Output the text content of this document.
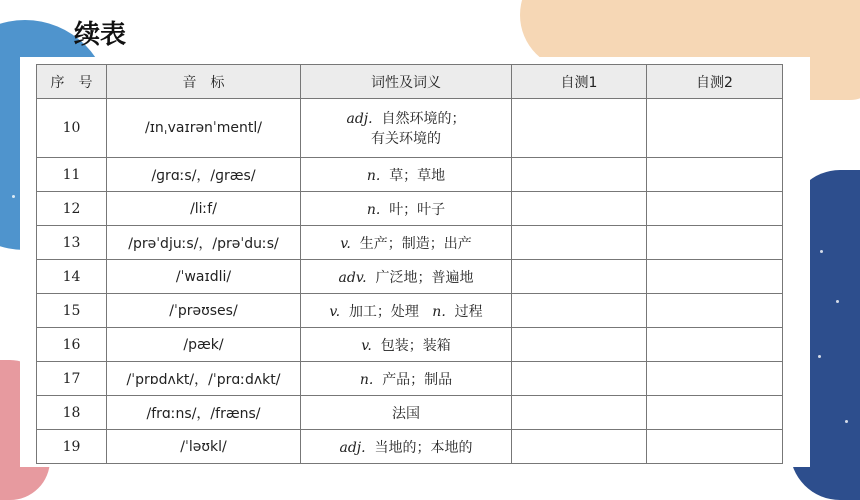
续表
序　号	音　标	词性及词义	自测1	自测2
10	/ɪnˌvaɪrənˈmentl/	adj. 自然环境的；
有关环境的		

11	/ɡrɑːs/，/ɡræs/	n. 草；草地		

12	/liːf/	n. 叶；叶子		

13	/prəˈdjuːs/，/prəˈduːs/	v. 生产；制造；出产		

14	/ˈwaɪdli/	adv. 广泛地；普遍地		

15	/ˈprəʊses/	v. 加工；处理 n. 过程		

16	/pæk/	v. 包装；装箱		

17	/ˈprɒdʌkt/，/ˈprɑːdʌkt/	n. 产品；制品		

18	/frɑːns/，/fræns/	法国		

19	/ˈləʊkl/	adj. 当地的；本地的		
